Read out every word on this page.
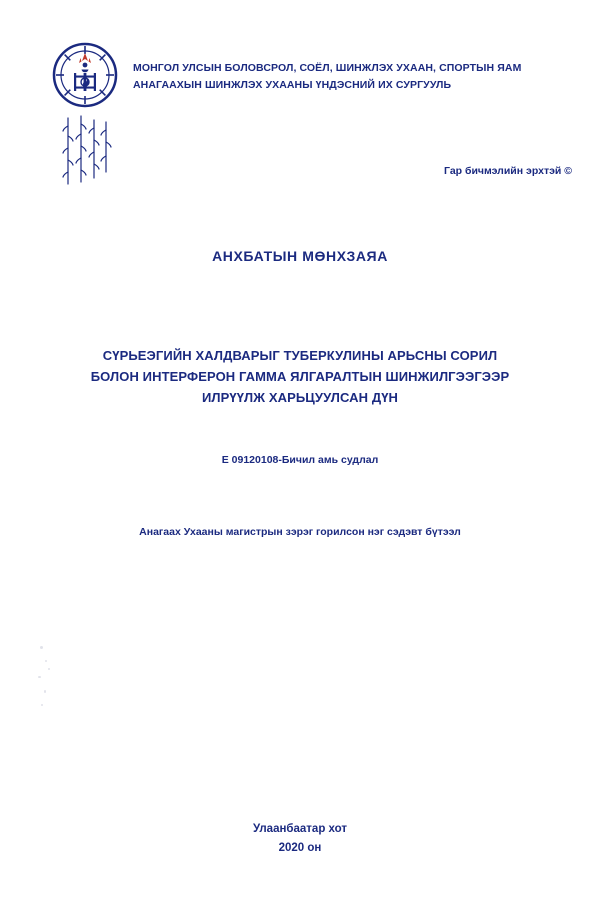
МОНГОЛ УЛСЫН БОЛОВСРОЛ, СОЁЛ, ШИНЖЛЭХ УХААН, СПОРТЫН ЯАМ
АНАГААХЫН ШИНЖЛЭХ УХААНЫ ҮНДЭСНИЙ ИХ СУРГУУЛЬ
Гар бичмэлийн эрхтэй ©
АНХБАТЫН МӨНХЗАЯА
СҮРЬЕЭГИЙН ХАЛДВАРЫГ ТУБЕРКУЛИНЫ АРЬСНЫ СОРИЛ
БОЛОН ИНТЕРФЕРОН ГАММА ЯЛГАРАЛТЫН ШИНЖИЛГЭЭГЭЭР
ИЛРҮҮЛЖ ХАРЬЦУУЛСАН ДҮН
E 09120108-Бичил амь судлал
Анагаах Ухааны магистрын зэрэг горилсон нэг сэдэвт бүтээл
Улаанбаатар хот
2020 он
